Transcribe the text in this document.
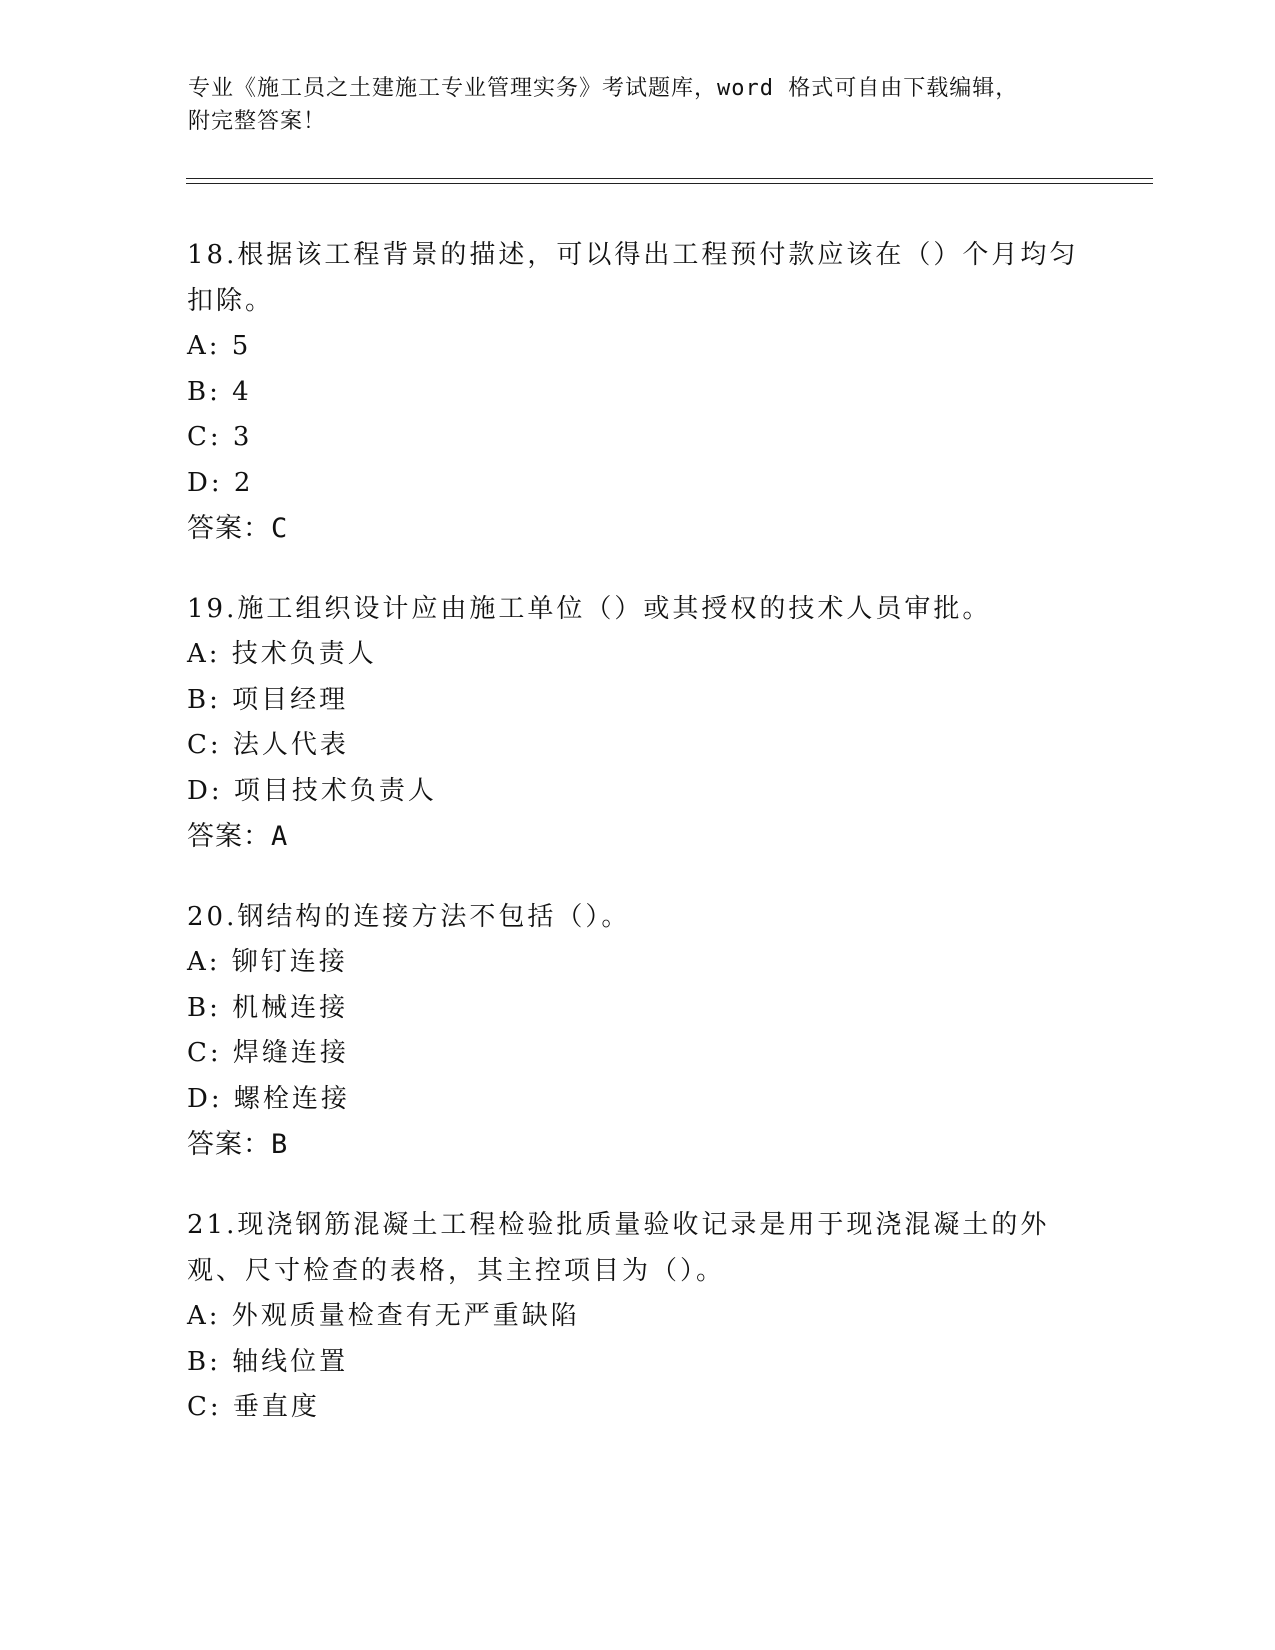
专业《施工员之土建施工专业管理实务》考试题库，word 格式可自由下载编辑，
附完整答案！

18.根据该工程背景的描述，可以得出工程预付款应该在（）个月均匀扣除。

A: 5

B: 4

C: 3

D: 2

答案：C

19.施工组织设计应由施工单位（）或其授权的技术人员审批。

A: 技术负责人

B: 项目经理

C: 法人代表

D: 项目技术负责人

答案：A

20.钢结构的连接方法不包括（）。

A: 铆钉连接

B: 机械连接

C: 焊缝连接

D: 螺栓连接

答案：B

21.现浇钢筋混凝土工程检验批质量验收记录是用于现浇混凝土的外观、尺寸检查的表格，其主控项目为（）。

A: 外观质量检查有无严重缺陷

B: 轴线位置

C: 垂直度
